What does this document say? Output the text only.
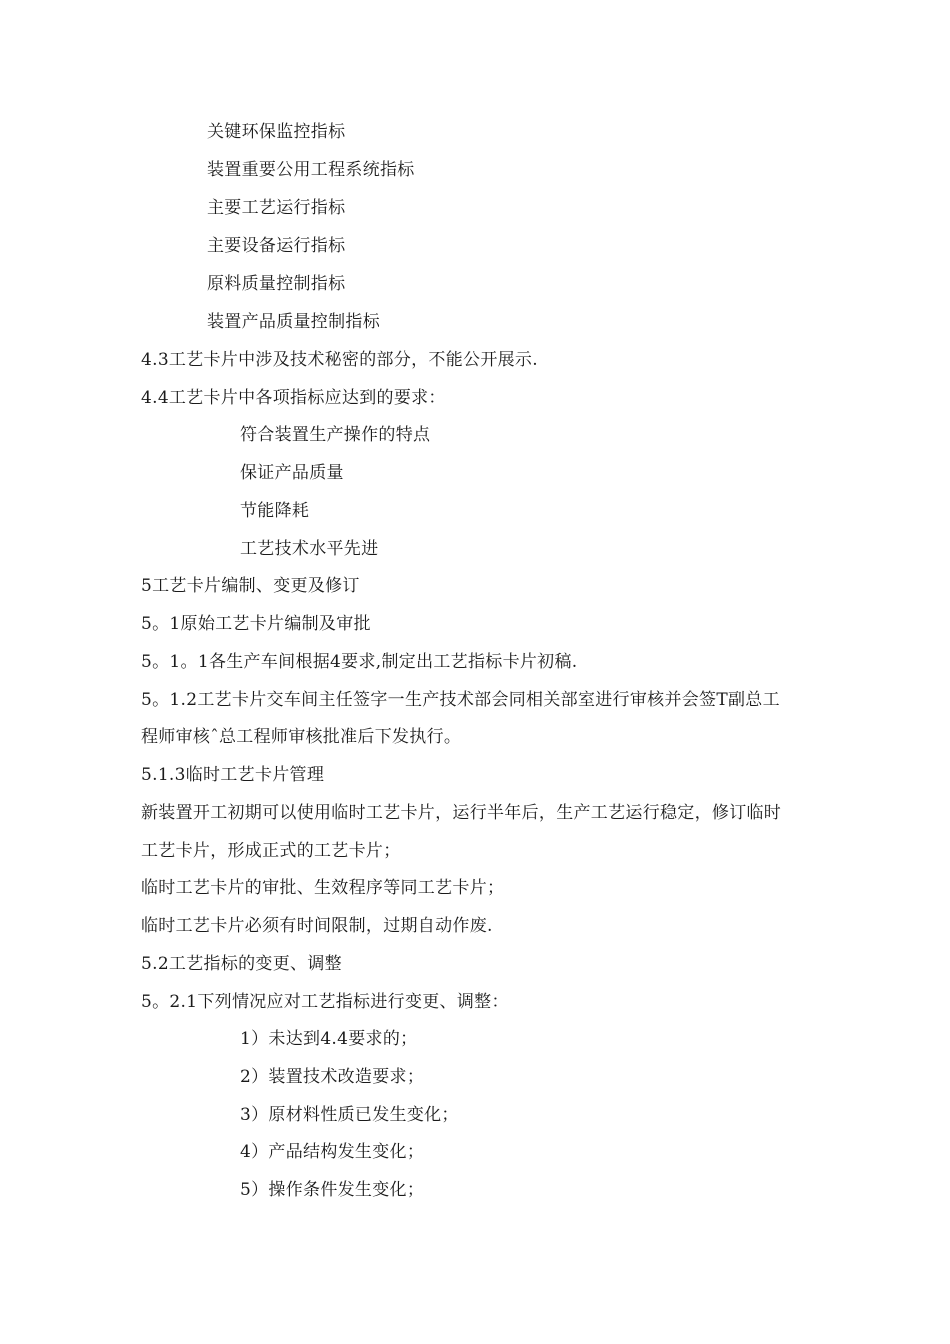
关键环保监控指标
装置重要公用工程系统指标
主要工艺运行指标
主要设备运行指标
原料质量控制指标
装置产品质量控制指标
4.3工艺卡片中涉及技术秘密的部分，不能公开展示.
4.4工艺卡片中各项指标应达到的要求：
符合装置生产操作的特点
保证产品质量
节能降耗
工艺技术水平先进
5工艺卡片编制、变更及修订
5。1原始工艺卡片编制及审批
5。1。1各生产车间根据4要求,制定出工艺指标卡片初稿.
5。1.2工艺卡片交车间主任签字一生产技术部会同相关部室进行审核并会签T副总工
程师审核ˆ总工程师审核批准后下发执行。
5.1.3临时工艺卡片管理
新装置开工初期可以使用临时工艺卡片，运行半年后，生产工艺运行稳定，修订临时
工艺卡片，形成正式的工艺卡片；
临时工艺卡片的审批、生效程序等同工艺卡片；
临时工艺卡片必须有时间限制，过期自动作废.
5.2工艺指标的变更、调整
5。2.1下列情况应对工艺指标进行变更、调整：
1）未达到4.4要求的；
2）装置技术改造要求；
3）原材料性质已发生变化；
4）产品结构发生变化；
5）操作条件发生变化；
